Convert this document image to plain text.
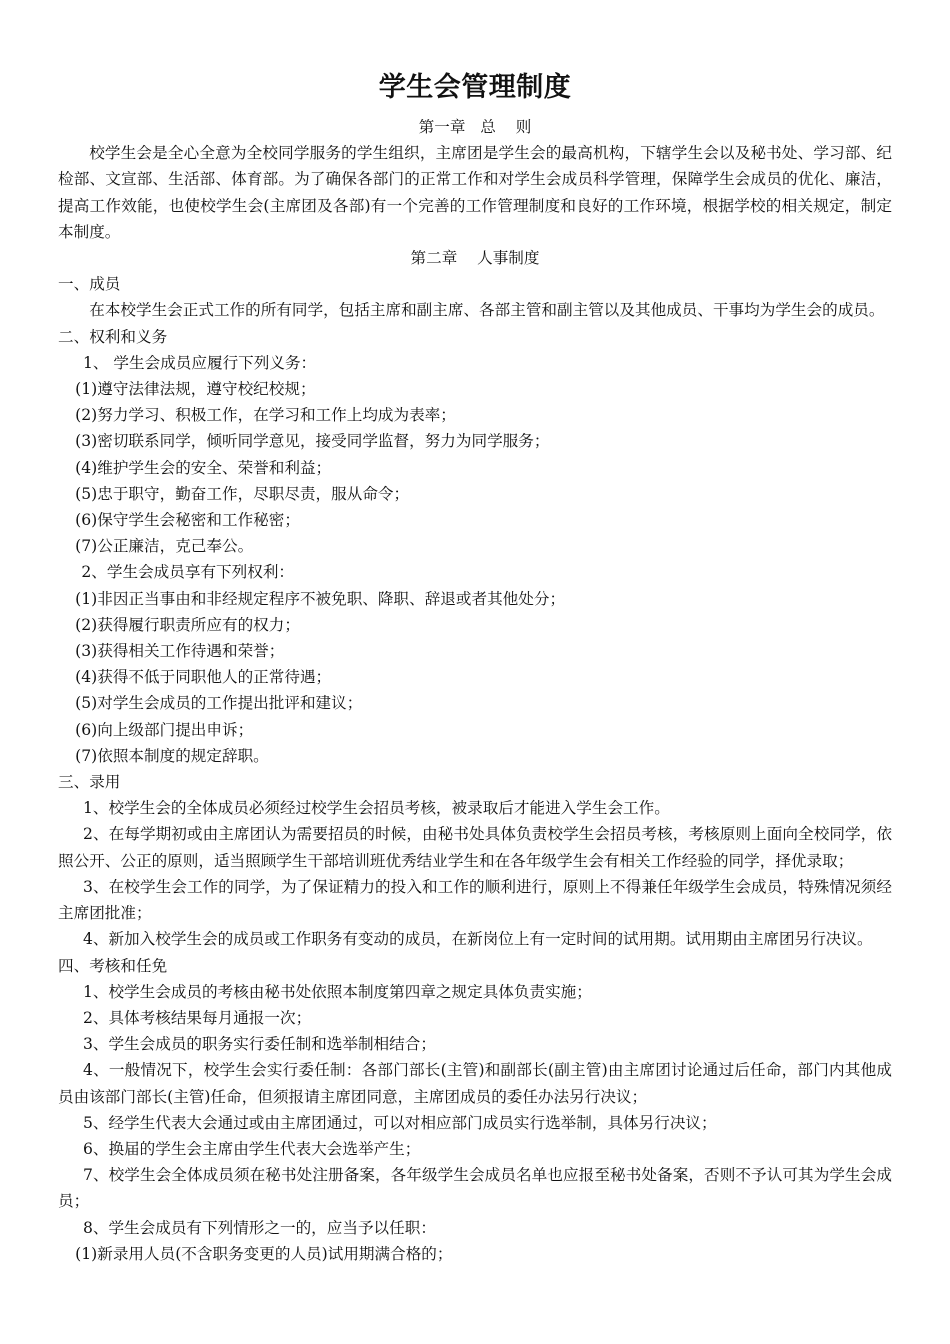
学生会管理制度

第一章   总    则

校学生会是全心全意为全校同学服务的学生组织，主席团是学生会的最高机构，下辖学生会以及秘书处、学习部、纪检部、文宣部、生活部、体育部。为了确保各部门的正常工作和对学生会成员科学管理，保障学生会成员的优化、廉洁，提高工作效能，也使校学生会(主席团及各部)有一个完善的工作管理制度和良好的工作环境，根据学校的相关规定，制定本制度。

第二章    人事制度

一、成员

在本校学生会正式工作的所有同学，包括主席和副主席、各部主管和副主管以及其他成员、干事均为学生会的成员。

二、权利和义务

1、 学生会成员应履行下列义务：

(1)遵守法律法规，遵守校纪校规；

(2)努力学习、积极工作，在学习和工作上均成为表率；

(3)密切联系同学，倾听同学意见，接受同学监督，努力为同学服务；

(4)维护学生会的安全、荣誉和利益；

(5)忠于职守，勤奋工作，尽职尽责，服从命令；

(6)保守学生会秘密和工作秘密；

(7)公正廉洁，克己奉公。

2、学生会成员享有下列权利：

(1)非因正当事由和非经规定程序不被免职、降职、辞退或者其他处分；

(2)获得履行职责所应有的权力；

(3)获得相关工作待遇和荣誉；

(4)获得不低于同职他人的正常待遇；

(5)对学生会成员的工作提出批评和建议；

(6)向上级部门提出申诉；

(7)依照本制度的规定辞职。

三、录用

1、校学生会的全体成员必须经过校学生会招员考核，被录取后才能进入学生会工作。

2、在每学期初或由主席团认为需要招员的时候，由秘书处具体负责校学生会招员考核，考核原则上面向全校同学，依照公开、公正的原则，适当照顾学生干部培训班优秀结业学生和在各年级学生会有相关工作经验的同学，择优录取；

3、在校学生会工作的同学，为了保证精力的投入和工作的顺利进行，原则上不得兼任年级学生会成员，特殊情况须经主席团批准；

4、新加入校学生会的成员或工作职务有变动的成员，在新岗位上有一定时间的试用期。试用期由主席团另行决议。

四、考核和任免

1、校学生会成员的考核由秘书处依照本制度第四章之规定具体负责实施；

2、具体考核结果每月通报一次；

3、学生会成员的职务实行委任制和选举制相结合；

4、一般情况下，校学生会实行委任制：各部门部长(主管)和副部长(副主管)由主席团讨论通过后任命，部门内其他成员由该部门部长(主管)任命，但须报请主席团同意，主席团成员的委任办法另行决议；

5、经学生代表大会通过或由主席团通过，可以对相应部门成员实行选举制，具体另行决议；

6、换届的学生会主席由学生代表大会选举产生；

7、校学生会全体成员须在秘书处注册备案，各年级学生会成员名单也应报至秘书处备案，否则不予认可其为学生会成员；

8、学生会成员有下列情形之一的，应当予以任职：

(1)新录用人员(不含职务变更的人员)试用期满合格的；
